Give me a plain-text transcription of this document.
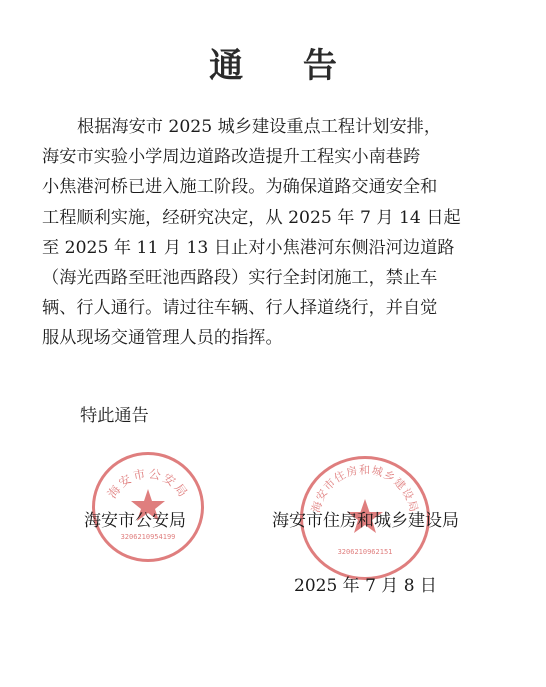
通 告
根据海安市 2025 城乡建设重点工程计划安排，
海安市实验小学周边道路改造提升工程实小南巷跨
小焦港河桥已进入施工阶段。为确保道路交通安全和
工程顺利实施，经研究决定，从 2025 年 7 月 14 日起
至 2025 年 11 月 13 日止对小焦港河东侧沿河边道路
（海光西路至旺池西路段）实行全封闭施工，禁止车
辆、行人通行。请过往车辆、行人择道绕行，并自觉
服从现场交通管理人员的指挥。
特此通告
海安市公安局
3206210954199
海安市住房和城乡建设局
3206210962151
海安市公安局	海安市住房和城乡建设局
2025 年 7 月 8 日
